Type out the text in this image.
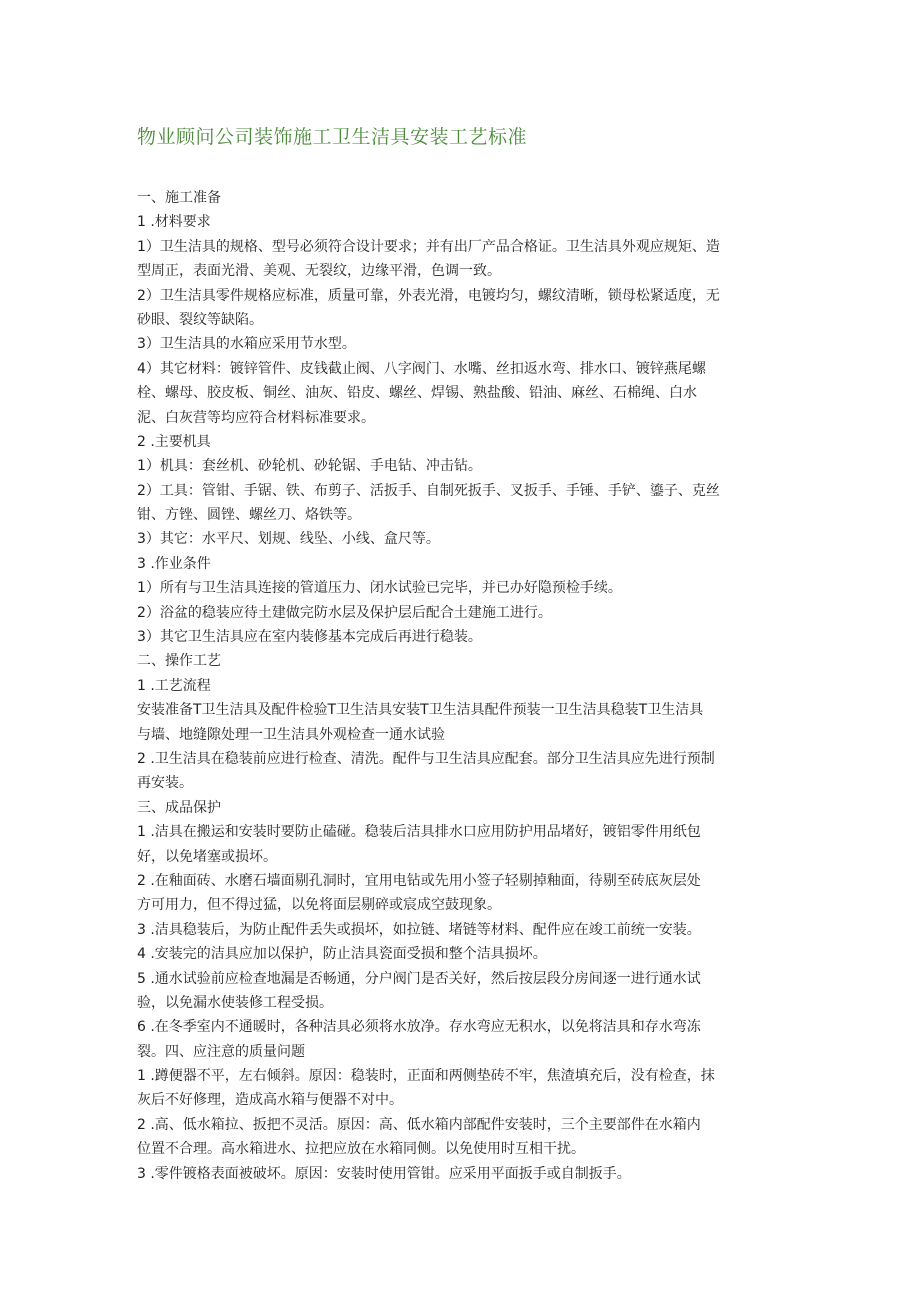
物业顾问公司装饰施工卫生洁具安装工艺标准
一、施工准备
1 .材料要求
1）卫生洁具的规格、型号必须符合设计要求；并有出厂产品合格证。卫生洁具外观应规矩、造
型周正，表面光滑、美观、无裂纹，边缘平滑，色调一致。
2）卫生洁具零件规格应标准，质量可靠，外表光滑，电镀均匀，螺纹清晰，锁母松紧适度，无
砂眼、裂纹等缺陷。
3）卫生洁具的水箱应采用节水型。
4）其它材料：镀锌管件、皮钱截止阀、八字阀门、水嘴、丝扣返水弯、排水口、镀锌燕尾螺
栓、螺母、胶皮板、铜丝、油灰、铅皮、螺丝、焊锡、熟盐酸、铅油、麻丝、石棉绳、白水
泥、白灰营等均应符合材料标准要求。
2 .主要机具
1）机具：套丝机、砂轮机、砂轮锯、手电钻、冲击钻。
2）工具：管钳、手锯、铁、布剪子、活扳手、自制死扳手、叉扳手、手锤、手铲、鎏子、克丝
钳、方锉、圆锉、螺丝刀、烙铁等。
3）其它：水平尺、划规、线坠、小线、盒尺等。
3 .作业条件
1）所有与卫生洁具连接的管道压力、闭水试验已完毕，并已办好隐预检手续。
2）浴盆的稳装应待土建做完防水层及保护层后配合土建施工进行。
3）其它卫生洁具应在室内装修基本完成后再进行稳装。
二、操作工艺
1 .工艺流程
安装准备T卫生洁具及配件检验T卫生洁具安装T卫生洁具配件预装一卫生洁具稳装T卫生洁具
与墙、地缝隙处理一卫生洁具外观检查一通水试验
2 .卫生洁具在稳装前应进行检查、清洗。配件与卫生洁具应配套。部分卫生洁具应先进行预制
再安装。
三、成品保护
1 .洁具在搬运和安装时要防止磕碰。稳装后洁具排水口应用防护用品堵好，镀铝零件用纸包
好，以免堵塞或损坏。
2 .在釉面砖、水磨石墙面剔孔洞时，宜用电钻或先用小签子轻剔掉釉面，待剔至砖底灰层处
方可用力，但不得过猛，以免将面层剔碎或宸成空鼓现象。
3 .洁具稳装后，为防止配件丢失或损坏，如拉链、堵链等材料、配件应在竣工前统一安装。
4 .安装完的洁具应加以保护，防止洁具瓷面受损和整个洁具损坏。
5 .通水试验前应检查地漏是否畅通，分户阀门是否关好，然后按层段分房间逐一进行通水试
验，以免漏水使装修工程受损。
6 .在冬季室内不通暖时，各种洁具必须将水放净。存水弯应无积水，以免将洁具和存水弯冻
裂。四、应注意的质量问题
1 .蹲便器不平，左右倾斜。原因：稳装时，正面和两侧垫砖不牢，焦渣填充后，没有检查，抹
灰后不好修理，造成高水箱与便器不对中。
2 .高、低水箱拉、扳把不灵活。原因：高、低水箱内部配件安装时，三个主要部件在水箱内
位置不合理。高水箱进水、拉把应放在水箱同侧。以免使用时互相干扰。
3 .零件镀格表面被破坏。原因：安装时使用管钳。应采用平面扳手或自制扳手。
